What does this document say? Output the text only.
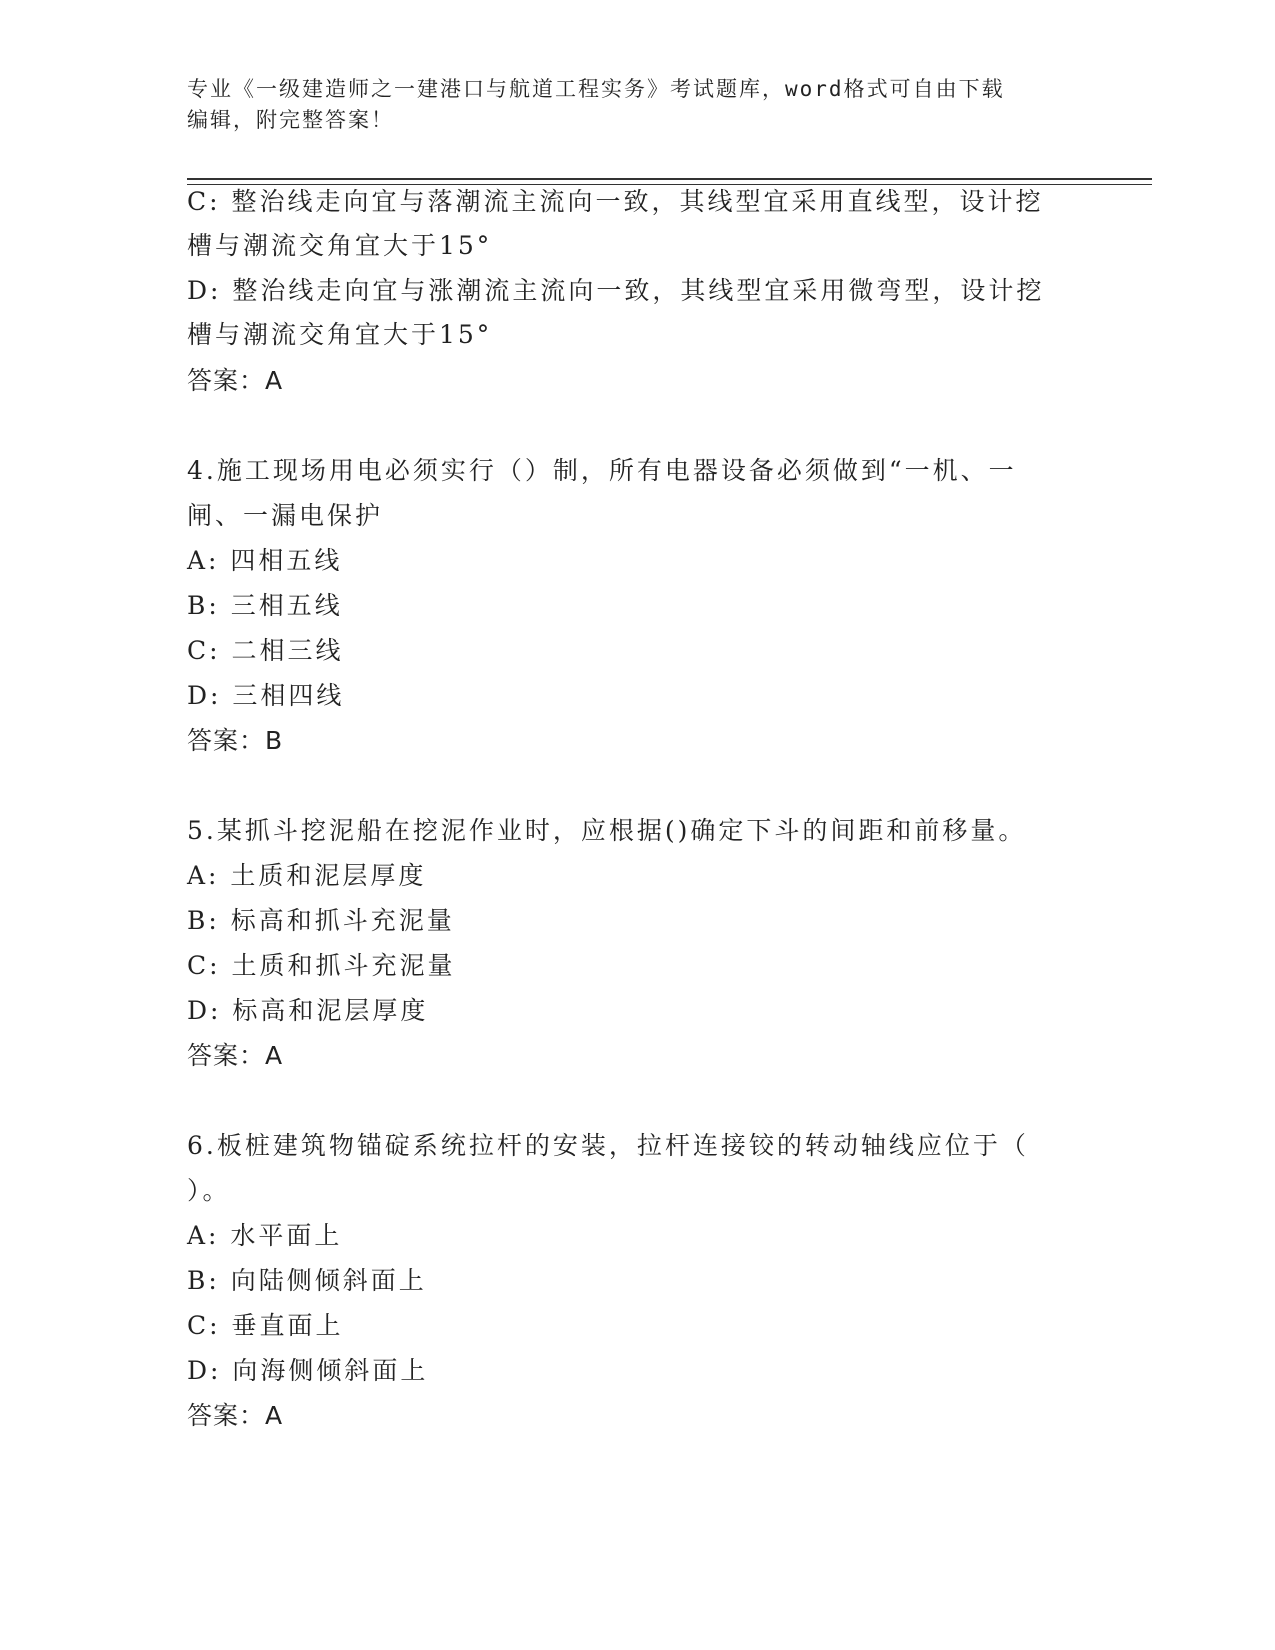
专业《一级建造师之一建港口与航道工程实务》考试题库，word格式可自由下载
编辑，附完整答案！
C: 整治线走向宜与落潮流主流向一致，其线型宜采用直线型，设计挖
槽与潮流交角宜大于15°
D: 整治线走向宜与涨潮流主流向一致，其线型宜采用微弯型，设计挖
槽与潮流交角宜大于15°
答案：A
4.施工现场用电必须实行（）制，所有电器设备必须做到“一机、一
闸、一漏电保护
A: 四相五线
B: 三相五线
C: 二相三线
D: 三相四线
答案：B
5.某抓斗挖泥船在挖泥作业时，应根据()确定下斗的间距和前移量。
A: 土质和泥层厚度
B: 标高和抓斗充泥量
C: 土质和抓斗充泥量
D: 标高和泥层厚度
答案：A
6.板桩建筑物锚碇系统拉杆的安装，拉杆连接铰的转动轴线应位于（
）。
A: 水平面上
B: 向陆侧倾斜面上
C: 垂直面上
D: 向海侧倾斜面上
答案：A
